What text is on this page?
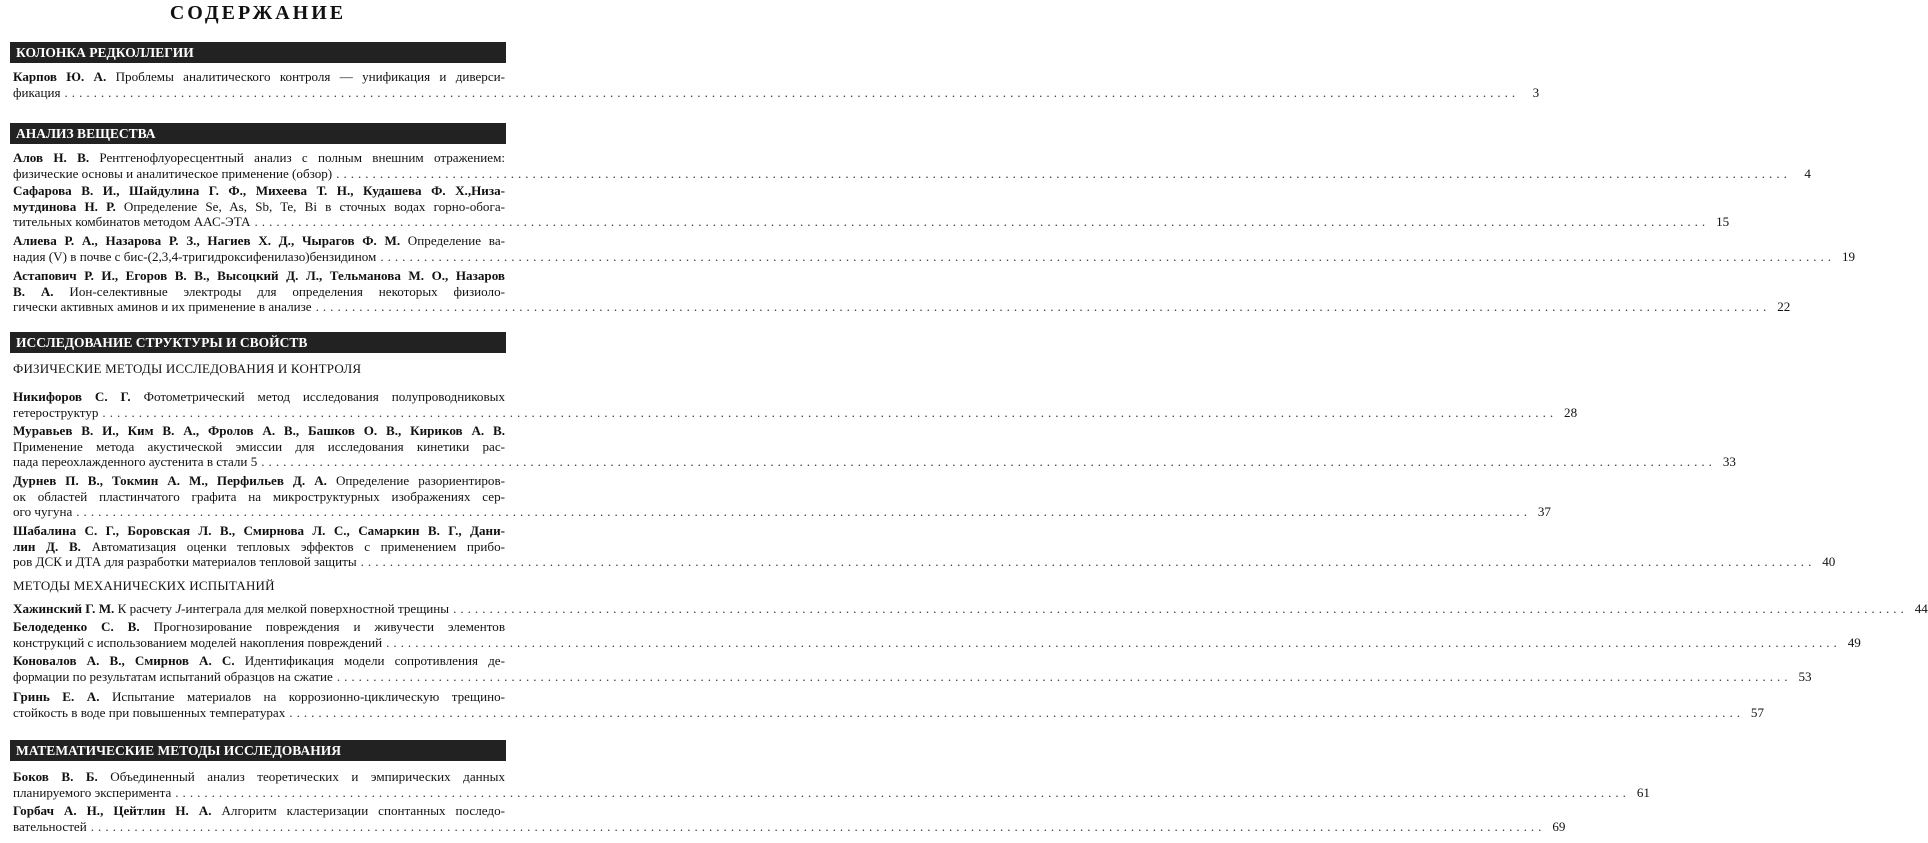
СОДЕРЖАНИЕ
КОЛОНКА РЕДКОЛЛЕГИИ
Карпов Ю. А. Проблемы аналитического контроля — унификация и диверси-
фикация ........................................................................................................................................................................................................	3
АНАЛИЗ ВЕЩЕСТВА
Алов Н. В. Рентгенофлуоресцентный анализ с полным внешним отражением:
физические основы и аналитическое применение (обзор) ........................................................................................................................................................................................................	4
Сафарова В. И., Шайдулина Г. Ф., Михеева Т. Н., Кудашева Ф. Х.,Низа-
мутдинова Н. Р. Определение Se, As, Sb, Te, Bi в сточных водах горно-обога-
тительных комбинатов методом ААС-ЭТА ........................................................................................................................................................................................................ 15
Алиева Р. А., Назарова Р. З., Нагиев Х. Д., Чырагов Ф. М. Определение ва-
надия (V) в почве с бис-(2,3,4-тригидроксифенилазо)бензидином ........................................................................................................................................................................................................ 19
Астапович Р. И., Егоров В. В., Высоцкий Д. Л., Тельманова М. О., Назаров
В. А. Ион-селективные электроды для определения некоторых физиоло-
гически активных аминов и их применение в анализе ........................................................................................................................................................................................................ 22
ИССЛЕДОВАНИЕ СТРУКТУРЫ И СВОЙСТВ
ФИЗИЧЕСКИЕ МЕТОДЫ ИССЛЕДОВАНИЯ И КОНТРОЛЯ
Никифоров С. Г. Фотометрический метод исследования полупроводниковых
гетероструктур ........................................................................................................................................................................................................ 28
Муравьев В. И., Ким В. А., Фролов А. В., Башков О. В., Кириков А. В.
Применение метода акустической эмиссии для исследования кинетики рас-
пада переохлажденного аустенита в стали 5 ........................................................................................................................................................................................................ 33
Дурнев П. В., Токмин А. М., Перфильев Д. А. Определение разориентиров-
ок областей пластинчатого графита на микроструктурных изображениях сер-
ого чугуна ........................................................................................................................................................................................................ 37
Шабалина С. Г., Боровская Л. В., Смирнова Л. С., Самаркин В. Г., Дани-
лин Д. В. Автоматизация оценки тепловых эффектов с применением прибо-
ров ДСК и ДТА для разработки материалов тепловой защиты ........................................................................................................................................................................................................ 40
МЕТОДЫ МЕХАНИЧЕСКИХ ИСПЫТАНИЙ
Хажинский Г. М. К расчету J-интеграла для мелкой поверхностной трещины ........................................................................................................................................................................................................ 44
Белодеденко С. В. Прогнозирование повреждения и живучести элементов
конструкций с использованием моделей накопления повреждений ........................................................................................................................................................................................................ 49
Коновалов А. В., Смирнов А. С. Идентификация модели сопротивления де-
формации по результатам испытаний образцов на сжатие ........................................................................................................................................................................................................ 53
Гринь Е. А. Испытание материалов на коррозионно-циклическую трещино-
стойкость в воде при повышенных температурах ........................................................................................................................................................................................................ 57
МАТЕМАТИЧЕСКИЕ МЕТОДЫ ИССЛЕДОВАНИЯ
Боков В. Б. Объединенный анализ теоретических и эмпирических данных
планируемого эксперимента ........................................................................................................................................................................................................ 61
Горбач А. Н., Цейтлин Н. А. Алгоритм кластеризации спонтанных последо-
вательностей ........................................................................................................................................................................................................ 69
